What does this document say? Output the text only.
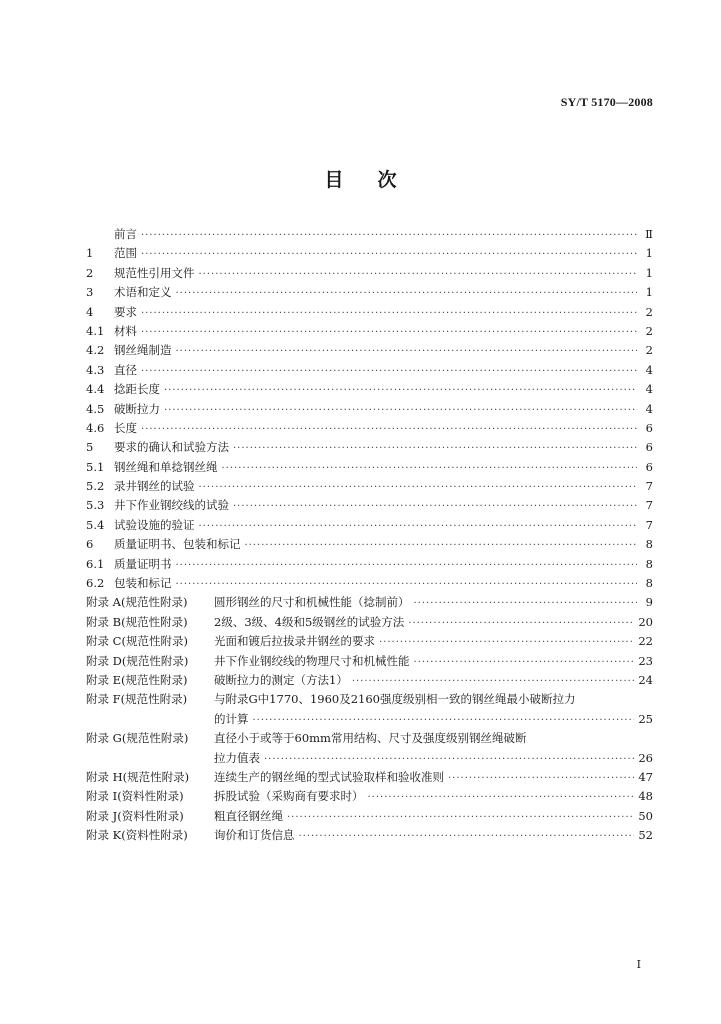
SY/T 5170—2008
目次
前言 ·····	Ⅱ
1	范围 ·····	1
2	规范性引用文件 ·····	1
3	术语和定义 ·····	1
4	要求 ·····	2
4.1 材料 ·····	2
4.2 钢丝绳制造 ·····	2
4.3 直径 ·····	4
4.4 捻距长度 ·····	4
4.5 破断拉力 ·····	4
4.6 长度 ·····	6
5	要求的确认和试验方法 ·····	6
5.1 钢丝绳和单捻钢丝绳 ·····	6
5.2 录井钢丝的试验 ·····	7
5.3 井下作业钢绞线的试验 ·····	7
5.4 试验设施的验证 ·····	7
6	质量证明书、包装和标记 ·····	8
6.1 质量证明书 ·····	8
6.2 包装和标记 ·····	8
附录 A(规范性附录)	圆形钢丝的尺寸和机械性能（捻制前） ·····	9
附录 B(规范性附录)	2级、3级、4级和5级钢丝的试验方法 ·····	20
附录 C(规范性附录)	光面和镀后拉拔录井钢丝的要求 ·····	22
附录 D(规范性附录)	井下作业钢绞线的物理尺寸和机械性能 ·····	23
附录 E(规范性附录)	破断拉力的测定（方法1） ·····	24
附录 F(规范性附录)	与附录G中1770、1960及2160强度级别相一致的钢丝绳最小破断拉力
的计算 ·····	25
附录 G(规范性附录)	直径小于或等于60mm常用结构、尺寸及强度级别钢丝绳破断
拉力值表 ·····	26
附录 H(规范性附录)	连续生产的钢丝绳的型式试验取样和验收准则 ·····	47
附录 I(资料性附录)	拆股试验（采购商有要求时） ·····	48
附录 J(资料性附录)	粗直径钢丝绳 ·····	50
附录 K(资料性附录)	询价和订货信息 ·····	52
I
